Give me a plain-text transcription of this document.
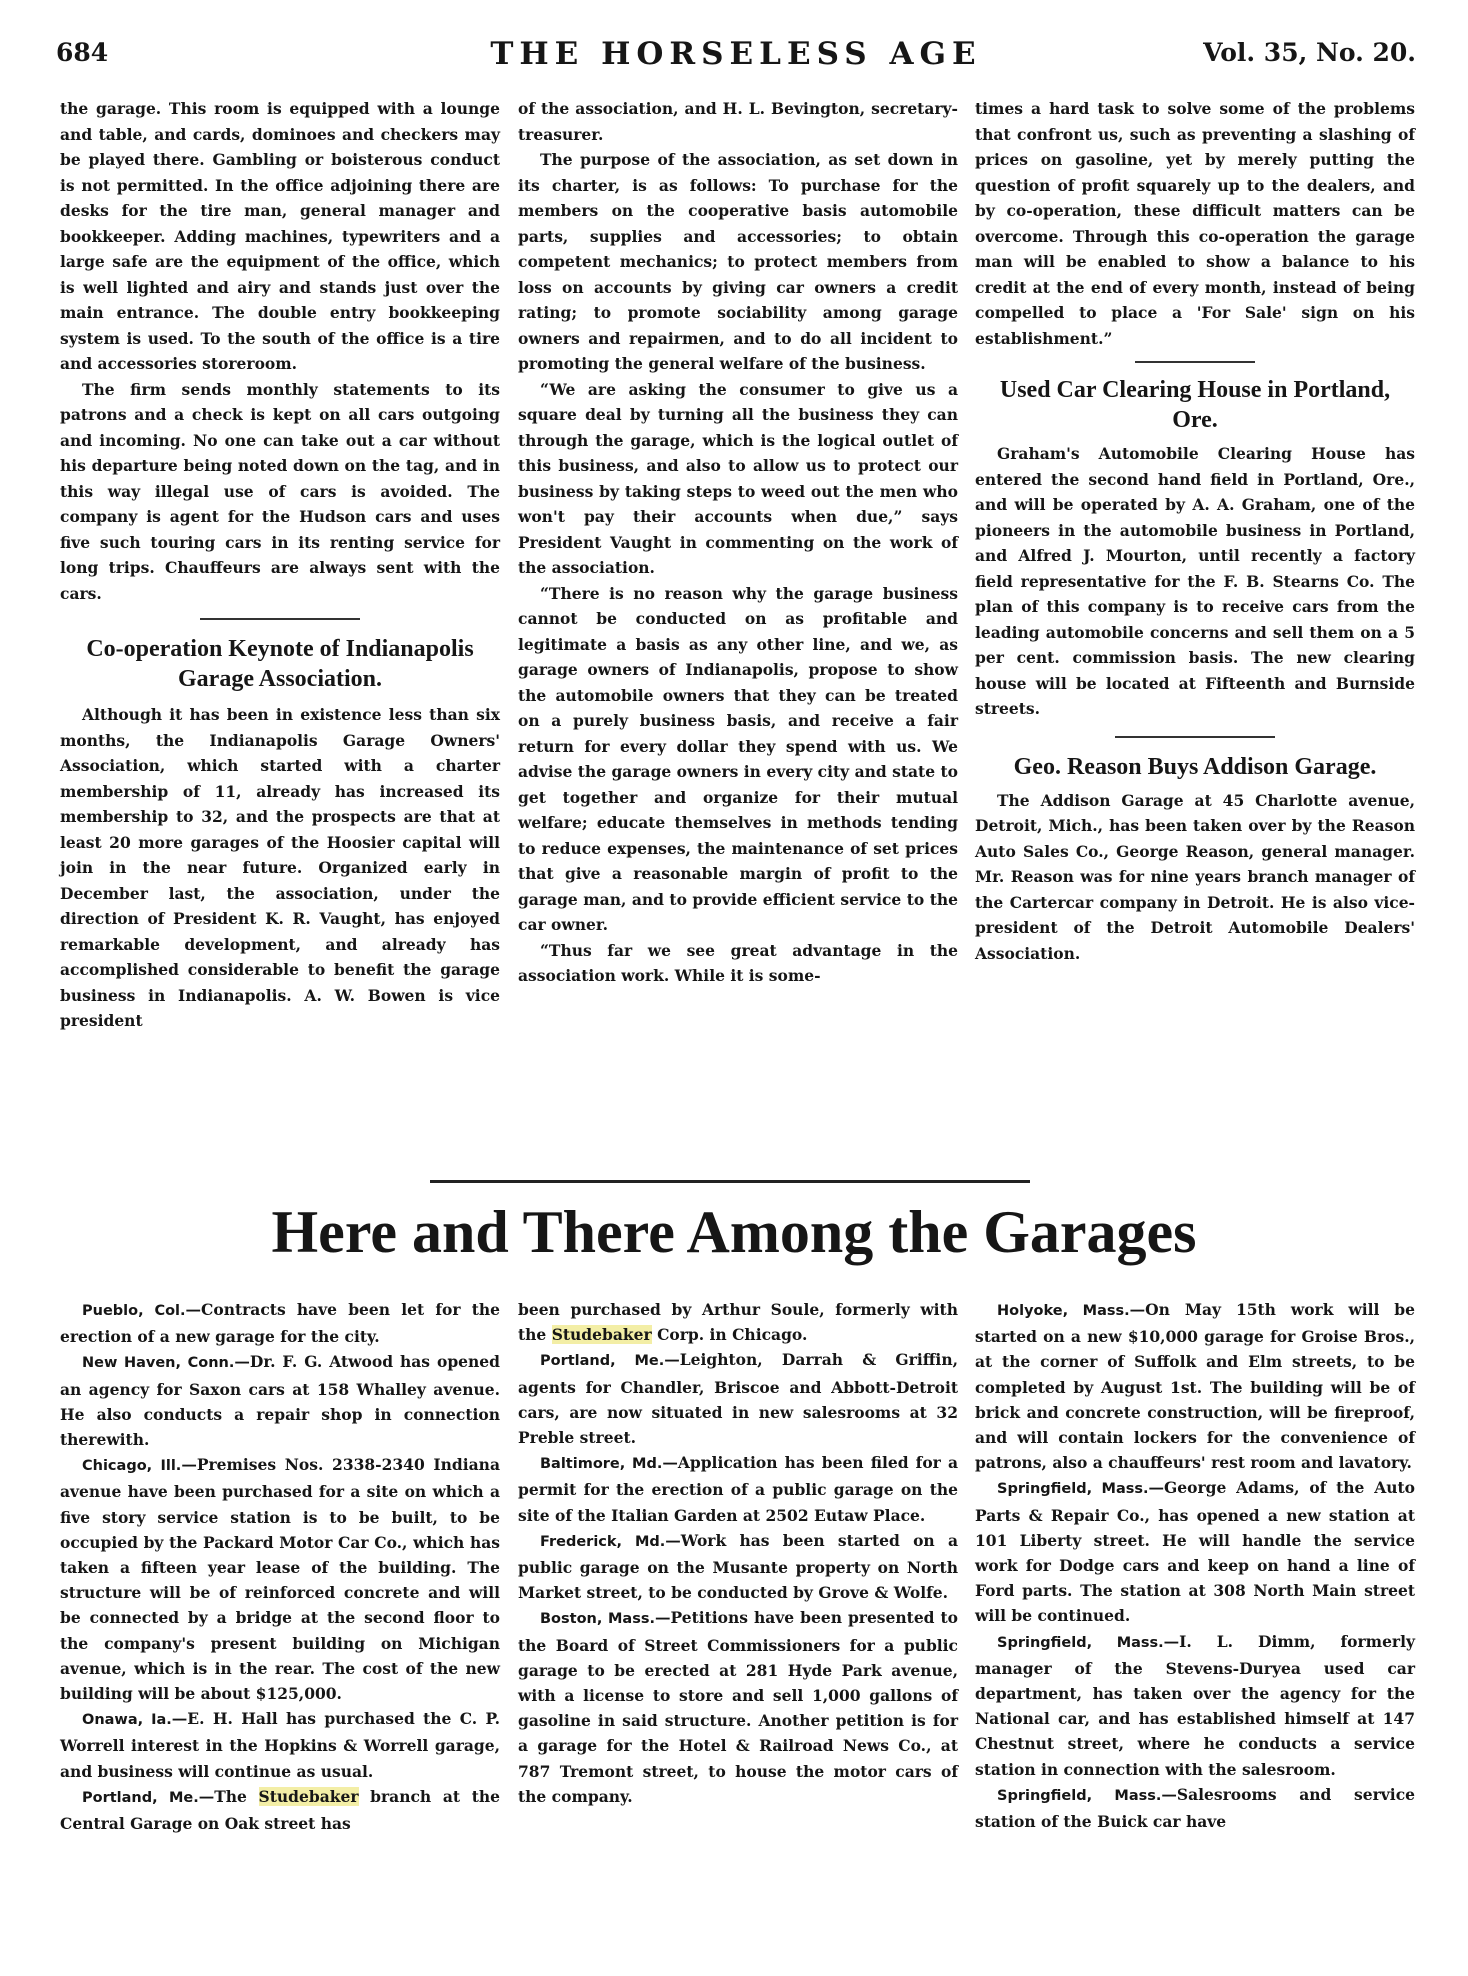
684	THE HORSELESS AGE	Vol. 35, No. 20.

the garage. This room is equipped with a lounge and table, and cards, dominoes and checkers may be played there. Gambling or boisterous conduct is not permitted. In the office adjoining there are desks for the tire man, general manager and bookkeeper. Adding machines, typewriters and a large safe are the equipment of the office, which is well lighted and airy and stands just over the main entrance. The double entry bookkeeping system is used. To the south of the office is a tire and accessories storeroom.

The firm sends monthly statements to its patrons and a check is kept on all cars outgoing and incoming. No one can take out a car without his departure being noted down on the tag, and in this way illegal use of cars is avoided. The company is agent for the Hudson cars and uses five such touring cars in its renting service for long trips. Chauffeurs are always sent with the cars.

Co-operation Keynote of Indianapolis Garage Association.

Although it has been in existence less than six months, the Indianapolis Garage Owners' Association, which started with a charter membership of 11, already has increased its membership to 32, and the prospects are that at least 20 more garages of the Hoosier capital will join in the near future. Organized early in December last, the association, under the direction of President K. R. Vaught, has enjoyed remarkable development, and already has accomplished considerable to benefit the garage business in Indianapolis. A. W. Bowen is vice president

of the association, and H. L. Bevington, secretary-treasurer.

The purpose of the association, as set down in its charter, is as follows: To purchase for the members on the cooperative basis automobile parts, supplies and accessories; to obtain competent mechanics; to protect members from loss on accounts by giving car owners a credit rating; to promote sociability among garage owners and repairmen, and to do all incident to promoting the general welfare of the business.

“We are asking the consumer to give us a square deal by turning all the business they can through the garage, which is the logical outlet of this business, and also to allow us to protect our business by taking steps to weed out the men who won't pay their accounts when due,” says President Vaught in commenting on the work of the association.

“There is no reason why the garage business cannot be conducted on as profitable and legitimate a basis as any other line, and we, as garage owners of Indianapolis, propose to show the automobile owners that they can be treated on a purely business basis, and receive a fair return for every dollar they spend with us. We advise the garage owners in every city and state to get together and organize for their mutual welfare; educate themselves in methods tending to reduce expenses, the maintenance of set prices that give a reasonable margin of profit to the garage man, and to provide efficient service to the car owner.

“Thus far we see great advantage in the association work. While it is some-

times a hard task to solve some of the problems that confront us, such as preventing a slashing of prices on gasoline, yet by merely putting the question of profit squarely up to the dealers, and by co-operation, these difficult matters can be overcome. Through this co-operation the garage man will be enabled to show a balance to his credit at the end of every month, instead of being compelled to place a 'For Sale' sign on his establishment.”

Used Car Clearing House in Portland, Ore.

Graham's Automobile Clearing House has entered the second hand field in Portland, Ore., and will be operated by A. A. Graham, one of the pioneers in the automobile business in Portland, and Alfred J. Mourton, until recently a factory field representative for the F. B. Stearns Co. The plan of this company is to receive cars from the leading automobile concerns and sell them on a 5 per cent. commission basis. The new clearing house will be located at Fifteenth and Burnside streets.

Geo. Reason Buys Addison Garage.

The Addison Garage at 45 Charlotte avenue, Detroit, Mich., has been taken over by the Reason Auto Sales Co., George Reason, general manager. Mr. Reason was for nine years branch manager of the Cartercar company in Detroit. He is also vice-president of the Detroit Automobile Dealers' Association.

Here and There Among the Garages

Pueblo, Col.—Contracts have been let for the erection of a new garage for the city.

New Haven, Conn.—Dr. F. G. Atwood has opened an agency for Saxon cars at 158 Whalley avenue. He also conducts a repair shop in connection therewith.

Chicago, Ill.—Premises Nos. 2338-2340 Indiana avenue have been purchased for a site on which a five story service station is to be built, to be occupied by the Packard Motor Car Co., which has taken a fifteen year lease of the building. The structure will be of reinforced concrete and will be connected by a bridge at the second floor to the company's present building on Michigan avenue, which is in the rear. The cost of the new building will be about $125,000.

Onawa, Ia.—E. H. Hall has purchased the C. P. Worrell interest in the Hopkins & Worrell garage, and business will continue as usual.

Portland, Me.—The Studebaker branch at the Central Garage on Oak street has

been purchased by Arthur Soule, formerly with the Studebaker Corp. in Chicago.

Portland, Me.—Leighton, Darrah & Griffin, agents for Chandler, Briscoe and Abbott-Detroit cars, are now situated in new salesrooms at 32 Preble street.

Baltimore, Md.—Application has been filed for a permit for the erection of a public garage on the site of the Italian Garden at 2502 Eutaw Place.

Frederick, Md.—Work has been started on a public garage on the Musante property on North Market street, to be conducted by Grove & Wolfe.

Boston, Mass.—Petitions have been presented to the Board of Street Commissioners for a public garage to be erected at 281 Hyde Park avenue, with a license to store and sell 1,000 gallons of gasoline in said structure. Another petition is for a garage for the Hotel & Railroad News Co., at 787 Tremont street, to house the motor cars of the company.

Holyoke, Mass.—On May 15th work will be started on a new $10,000 garage for Groise Bros., at the corner of Suffolk and Elm streets, to be completed by August 1st. The building will be of brick and concrete construction, will be fireproof, and will contain lockers for the convenience of patrons, also a chauffeurs' rest room and lavatory.

Springfield, Mass.—George Adams, of the Auto Parts & Repair Co., has opened a new station at 101 Liberty street. He will handle the service work for Dodge cars and keep on hand a line of Ford parts. The station at 308 North Main street will be continued.

Springfield, Mass.—I. L. Dimm, formerly manager of the Stevens-Duryea used car department, has taken over the agency for the National car, and has established himself at 147 Chestnut street, where he conducts a service station in connection with the salesroom.

Springfield, Mass.—Salesrooms and service station of the Buick car have
